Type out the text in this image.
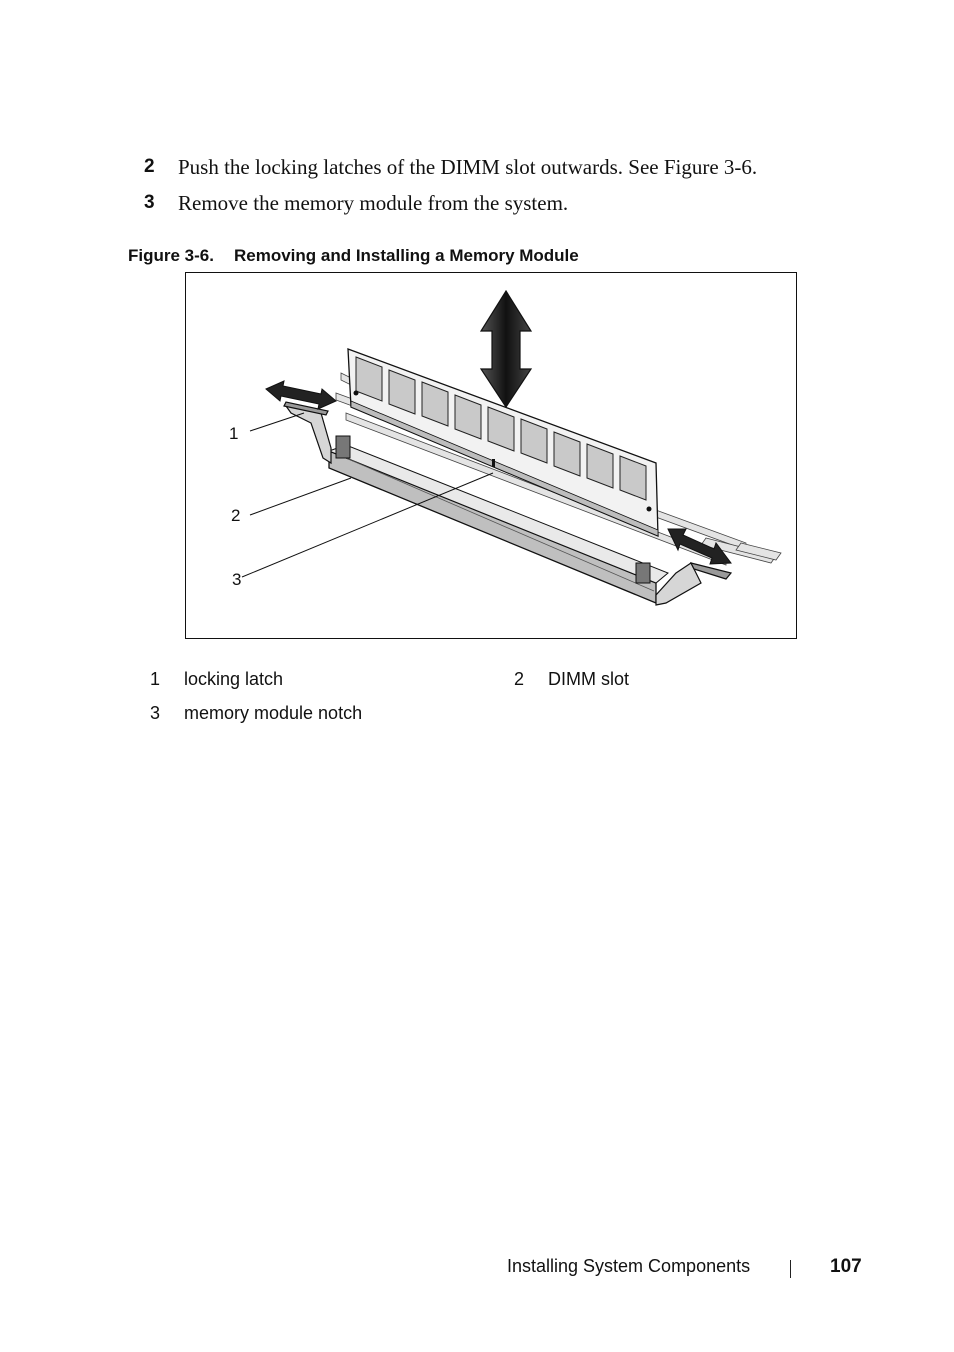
2 Push the locking latches of the DIMM slot outwards. See Figure 3-6.
3 Remove the memory module from the system.
Figure 3-6. Removing and Installing a Memory Module
1
2
3
1 locking latch	2 DIMM slot
3 memory module notch
Installing System Components	107
